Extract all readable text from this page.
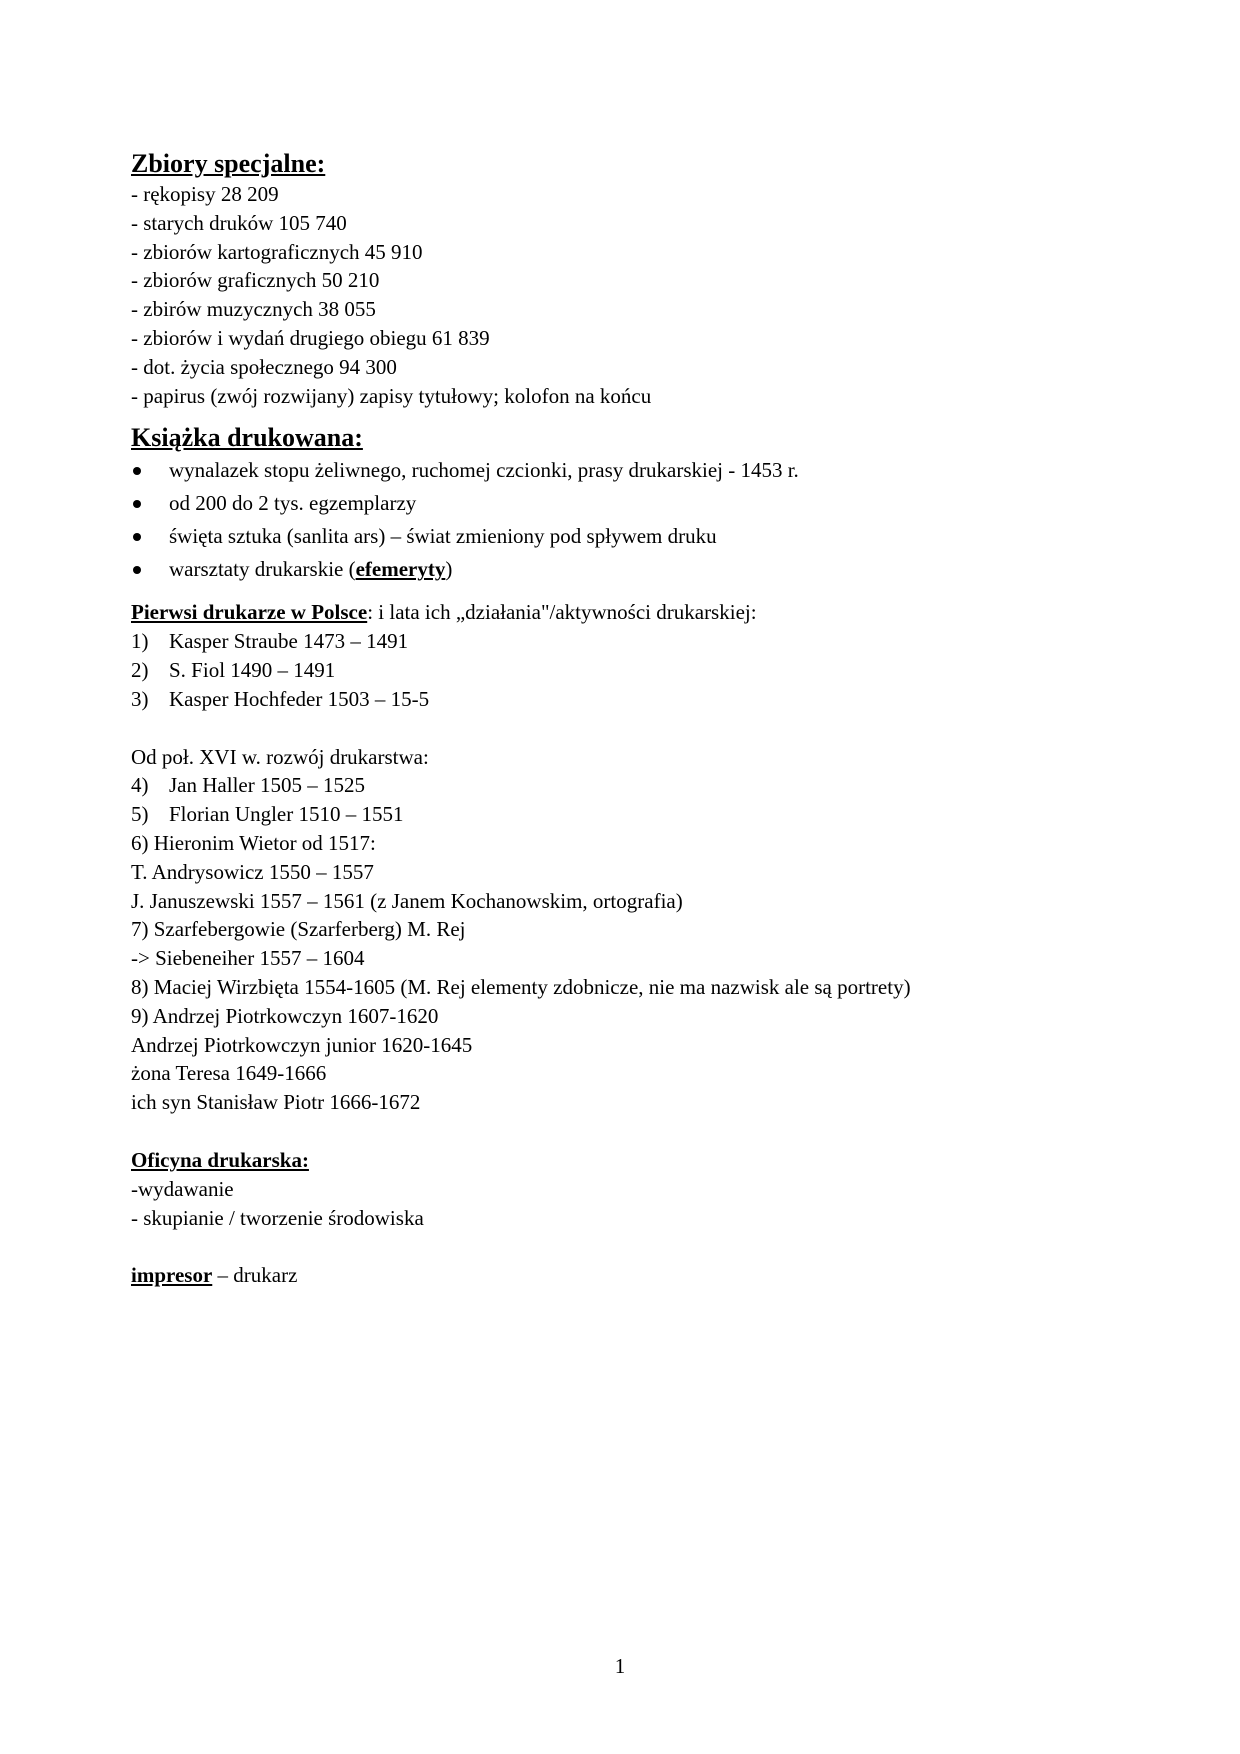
Zbiory specjalne:
- rękopisy 28 209
- starych druków 105 740
- zbiorów kartograficznych 45 910
- zbiorów graficznych 50 210
- zbirów muzycznych 38 055
- zbiorów i wydań drugiego obiegu 61 839
- dot. życia społecznego 94 300
- papirus (zwój rozwijany) zapisy tytułowy; kolofon na końcu
Książka drukowana:
wynalazek stopu żeliwnego, ruchomej czcionki, prasy drukarskiej - 1453 r.
od 200 do 2 tys. egzemplarzy
święta sztuka (sanlita ars) – świat zmieniony pod spływem druku
warsztaty drukarskie (efemeryty)
Pierwsi drukarze w Polsce: i lata ich „działania"/aktywności drukarskiej:
1) Kasper Straube 1473 – 1491
2) S. Fiol 1490 – 1491
3) Kasper Hochfeder 1503 – 15-5
Od poł. XVI w. rozwój drukarstwa:
4) Jan Haller 1505 – 1525
5) Florian Ungler 1510 – 1551
6) Hieronim Wietor od 1517:
T. Andrysowicz 1550 – 1557
J. Januszewski 1557 – 1561 (z Janem Kochanowskim, ortografia)
7) Szarfebergowie (Szarferberg) M. Rej
-> Siebeneiher 1557 – 1604
8) Maciej Wirzbięta 1554-1605 (M. Rej elementy zdobnicze, nie ma nazwisk ale są portrety)
9) Andrzej Piotrkowczyn 1607-1620
Andrzej Piotrkowczyn junior 1620-1645
żona Teresa 1649-1666
ich syn Stanisław Piotr 1666-1672
Oficyna drukarska:
-wydawanie
- skupianie / tworzenie środowiska
impresor – drukarz
1
